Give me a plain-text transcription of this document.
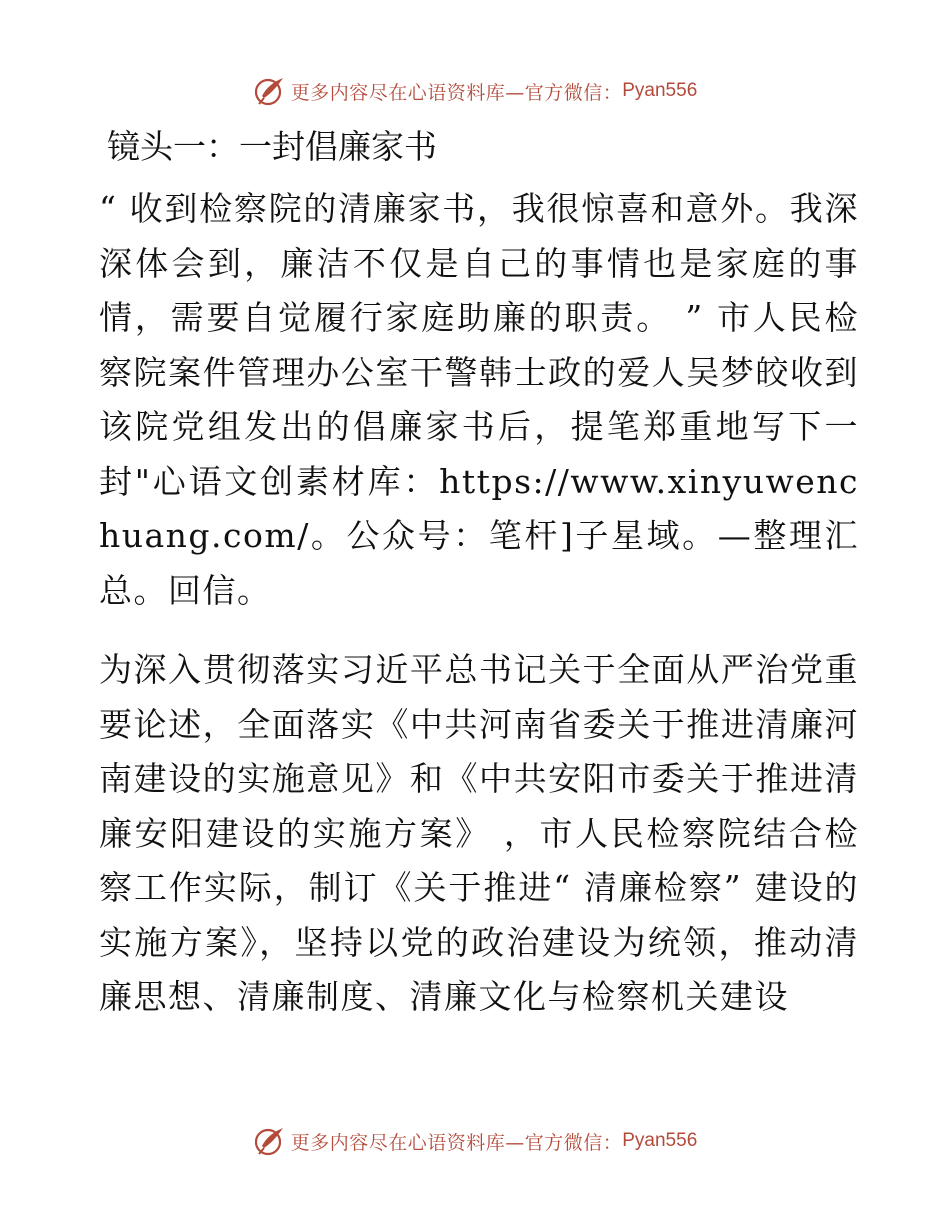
更多内容尽在心语资料库—官方微信： Pyan556
镜头一：一封倡廉家书

“ 收到检察院的清廉家书，我很惊喜和意外。我深深体会到，廉洁不仅是自己的事情也是家庭的事情，需要自觉履行家庭助廉的职责。 ” 市人民检察院案件管理办公室干警韩士政的爱人吴梦皎收到该院党组发出的倡廉家书后，提笔郑重地写下一封"心语文创素材库：https://www.xinyuwenchuang.com/。公众号：笔杆]子星域。—整理汇总。回信。

为深入贯彻落实习近平总书记关于全面从严治党重要论述，全面落实《中共河南省委关于推进清廉河南建设的实施意见》和《中共安阳市委关于推进清廉安阳建设的实施方案》 ，市人民检察院结合检察工作实际，制订《关于推进“ 清廉检察” 建设的实施方案》，坚持以党的政治建设为统领，推动清廉思想、清廉制度、清廉文化与检察机关建设

更多内容尽在心语资料库—官方微信： Pyan556
